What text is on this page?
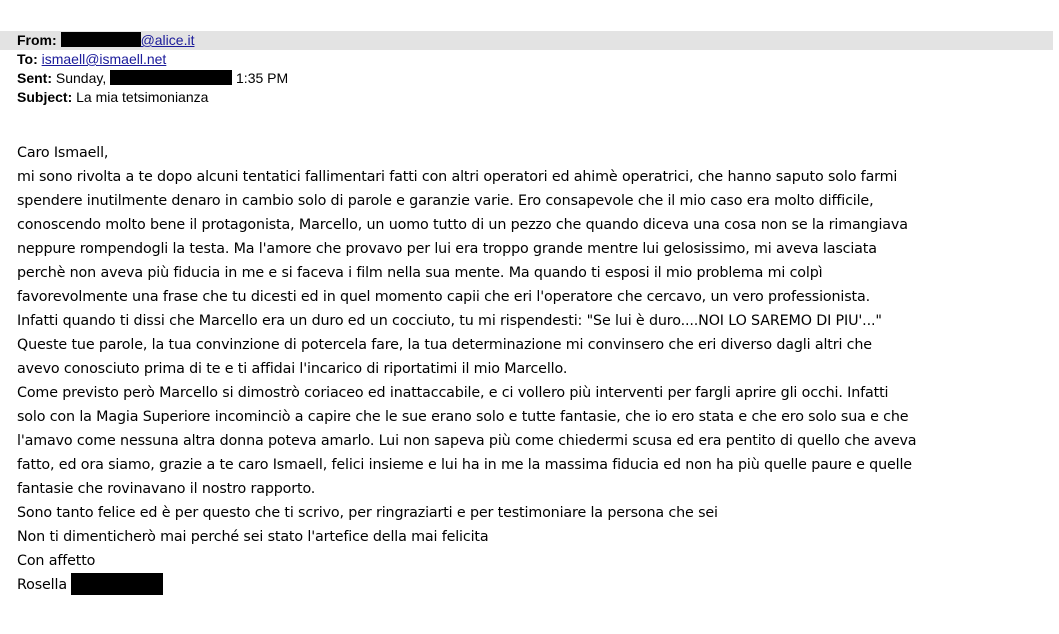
From:	@alice.it
To: ismaell@ismaell.net
Sent: Sunday,	1:35 PM
Subject: La mia tetsimonianza
Caro Ismaell,
mi sono rivolta a te dopo alcuni tentatici fallimentari fatti con altri operatori ed ahimè operatrici, che hanno saputo solo farmi
spendere inutilmente denaro in cambio solo di parole e garanzie varie. Ero consapevole che il mio caso era molto difficile,
conoscendo molto bene il protagonista, Marcello, un uomo tutto di un pezzo che quando diceva una cosa non se la rimangiava
neppure rompendogli la testa. Ma l'amore che provavo per lui era troppo grande mentre lui gelosissimo, mi aveva lasciata
perchè non aveva più fiducia in me e si faceva i film nella sua mente. Ma quando ti esposi il mio problema mi colpì
favorevolmente una frase che tu dicesti ed in quel momento capii che eri l'operatore che cercavo, un vero professionista.
Infatti quando ti dissi che Marcello era un duro ed un cocciuto, tu mi rispendesti: "Se lui è duro....NOI LO SAREMO DI PIU'..."
Queste tue parole, la tua convinzione di potercela fare, la tua determinazione mi convinsero che eri diverso dagli altri che
avevo conosciuto prima di te e ti affidai l'incarico di riportatimi il mio Marcello.
Come previsto però Marcello si dimostrò coriaceo ed inattaccabile, e ci vollero più interventi per fargli aprire gli occhi. Infatti
solo con la Magia Superiore incominciò a capire che le sue erano solo e tutte fantasie, che io ero stata e che ero solo sua e che
l'amavo come nessuna altra donna poteva amarlo. Lui non sapeva più come chiedermi scusa ed era pentito di quello che aveva
fatto, ed ora siamo, grazie a te caro Ismaell, felici insieme e lui ha in me la massima fiducia ed non ha più quelle paure e quelle
fantasie che rovinavano il nostro rapporto.
Sono tanto felice ed è per questo che ti scrivo, per ringraziarti e per testimoniare la persona che sei
Non ti dimenticherò mai perché sei stato l'artefice della mai felicita
Con affetto
Rosella
